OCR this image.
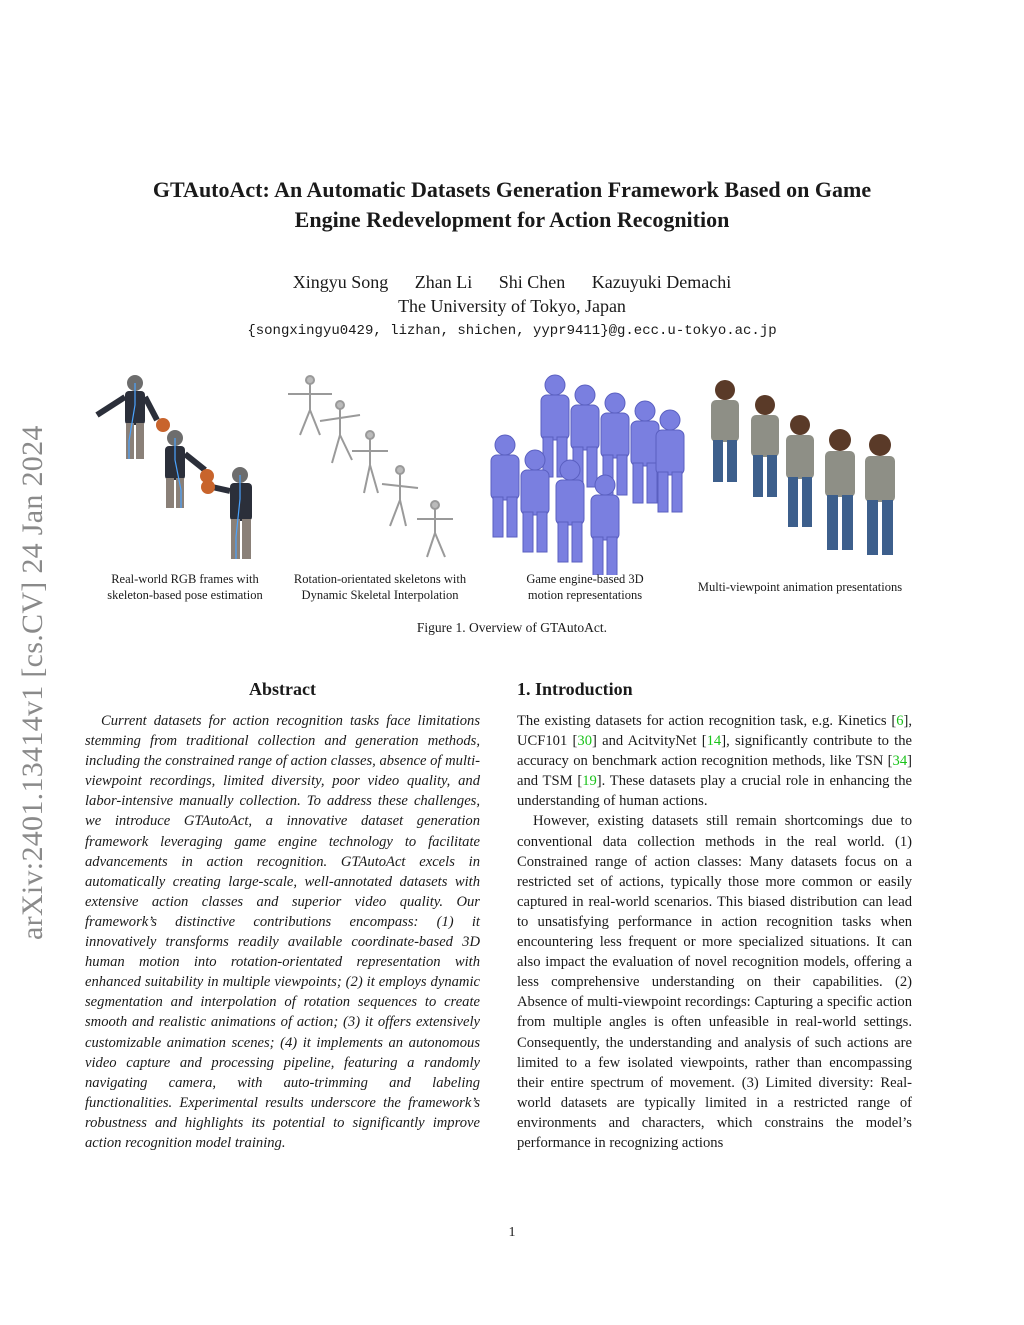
arXiv:2401.13414v1 [cs.CV] 24 Jan 2024
GTAutoAct: An Automatic Datasets Generation Framework Based on Game
Engine Redevelopment for Action Recognition
Xingyu Song Zhan Li Shi Chen Kazuyuki Demachi
The University of Tokyo, Japan
{songxingyu0429, lizhan, shichen, yypr9411}@g.ecc.u-tokyo.ac.jp
Real-world RGB frames with
skeleton-based pose estimation
Rotation-orientated skeletons with
Dynamic Skeletal Interpolation
Game engine-based 3D
motion representations
Multi-viewpoint animation presentations
Figure 1. Overview of GTAutoAct.
Abstract
Current datasets for action recognition tasks face limitations stemming from traditional collection and generation methods, including the constrained range of action classes, absence of multi-viewpoint recordings, limited diversity, poor video quality, and labor-intensive manually collection. To address these challenges, we introduce GTAutoAct, a innovative dataset generation framework leveraging game engine technology to facilitate advancements in action recognition. GTAutoAct excels in automatically creating large-scale, well-annotated datasets with extensive action classes and superior video quality. Our framework’s distinctive contributions encompass: (1) it innovatively transforms readily available coordinate-based 3D human motion into rotation-orientated representation with enhanced suitability in multiple viewpoints; (2) it employs dynamic segmentation and interpolation of rotation sequences to create smooth and realistic animations of action; (3) it offers extensively customizable animation scenes; (4) it implements an autonomous video capture and processing pipeline, featuring a randomly navigating camera, with auto-trimming and labeling functionalities. Experimental results underscore the framework’s robustness and highlights its potential to significantly improve action recognition model training.
1. Introduction

The existing datasets for action recognition task, e.g. Kinetics [6], UCF101 [30] and AcitvityNet [14], significantly contribute to the accuracy on benchmark action recognition methods, like TSN [34] and TSM [19]. These datasets play a crucial role in enhancing the understanding of human actions.

However, existing datasets still remain shortcomings due to conventional data collection methods in the real world. (1) Constrained range of action classes: Many datasets focus on a restricted set of actions, typically those more common or easily captured in real-world scenarios. This biased distribution can lead to unsatisfying performance in action recognition tasks when encountering less frequent or more specialized situations. It can also impact the evaluation of novel recognition models, offering a less comprehensive understanding on their capabilities. (2) Absence of multi-viewpoint recordings: Capturing a specific action from multiple angles is often unfeasible in real-world settings. Consequently, the understanding and analysis of such actions are limited to a few isolated viewpoints, rather than encompassing their entire spectrum of movement. (3) Limited diversity: Real-world datasets are typically limited in a restricted range of environments and characters, which constrains the model’s performance in recognizing actions

1
